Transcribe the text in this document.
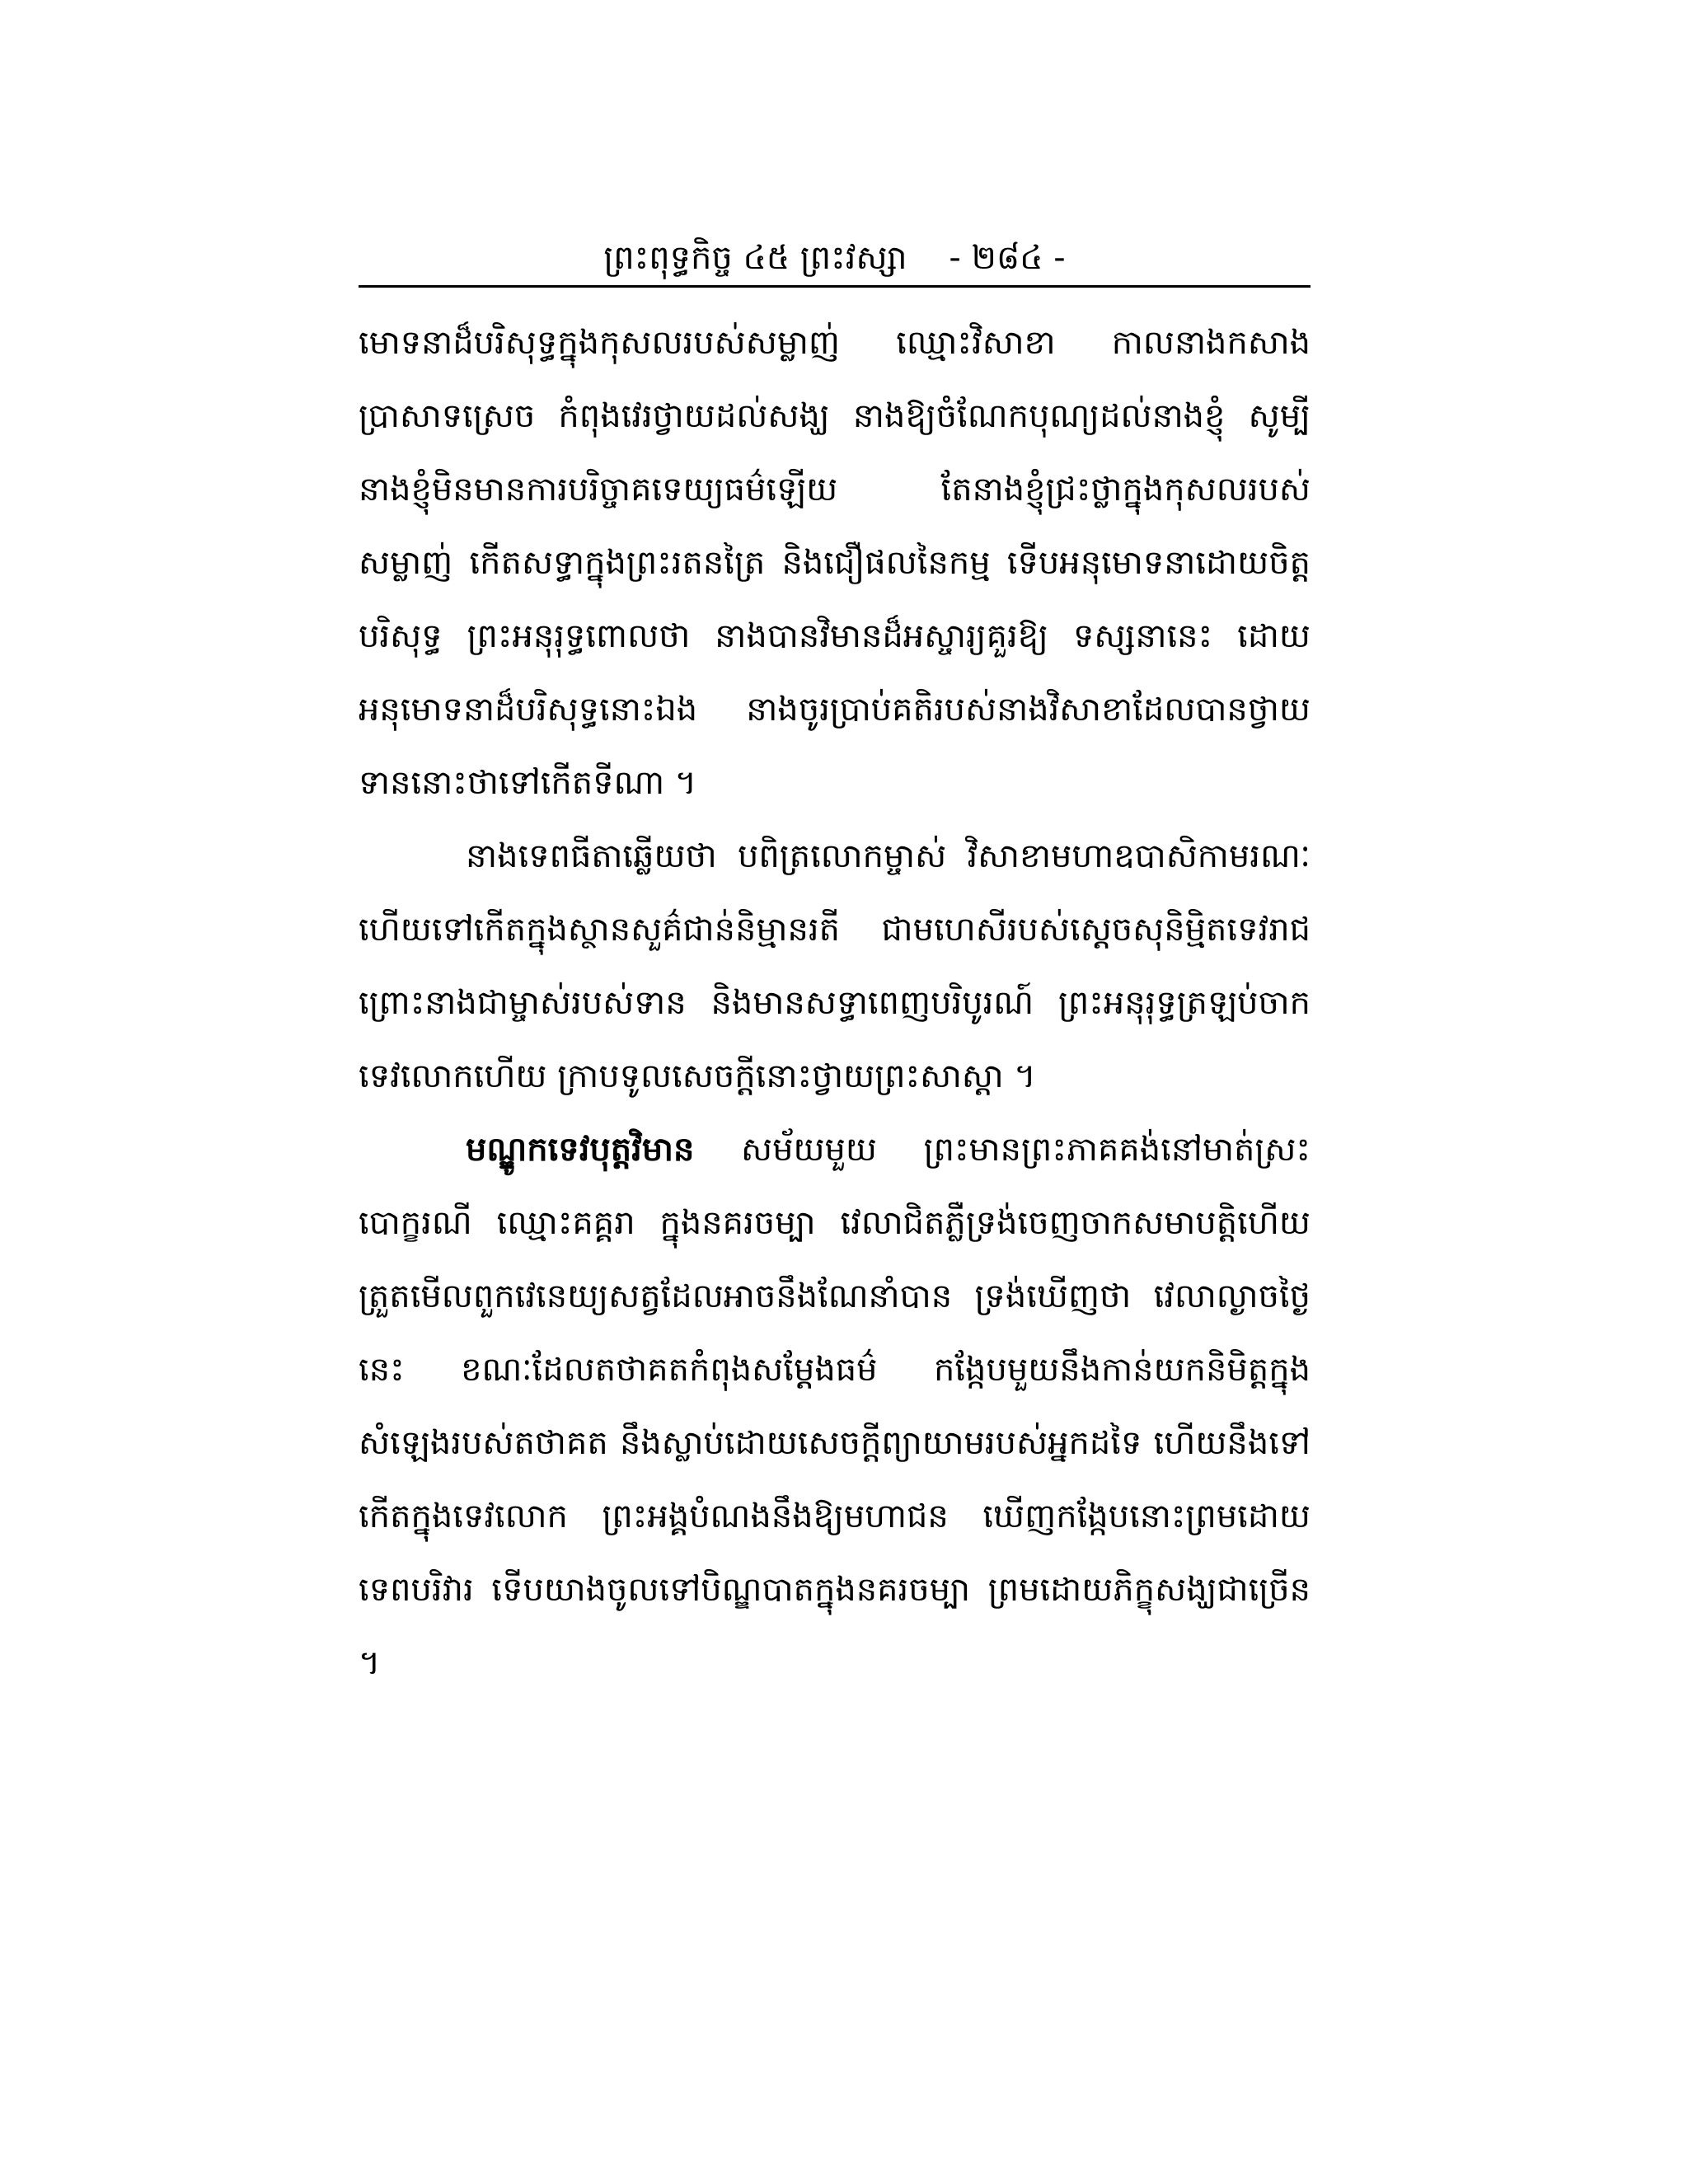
ព្រះពុទ្ធកិច្ច ៤៥ ព្រះវស្សា - ២៨៤ -

មោទនាដ៏បរិសុទ្ធក្នុងកុសលរបស់សម្លាញ់ ឈ្មោះវិសាខា កាលនាងកសាងប្រាសាទស្រេច កំពុងវេរថ្វាយដល់សង្ឃ នាងឱ្យចំណែកបុណ្យដល់នាងខ្ញុំ សូម្បីនាងខ្ញុំមិនមានការបរិច្ចាគទេយ្យធម៌ឡើយ តែនាងខ្ញុំជ្រះថ្លាក្នុងកុសលរបស់សម្លាញ់ កើតសទ្ធាក្នុងព្រះរតនត្រៃ និងជឿផលនៃកម្ម ទើបអនុមោទនាដោយចិត្តបរិសុទ្ធ ព្រះអនុរុទ្ធពោលថា នាងបានវិមានដ៏អស្ចារ្យគួរឱ្យ ទស្សនានេះ ដោយអនុមោទនាដ៏បរិសុទ្ធនោះឯង នាងចូរប្រាប់គតិរបស់នាងវិសាខាដែលបានថ្វាយទាននោះថាទៅកើតទីណា ។

នាងទេពធីតាឆ្លើយថា បពិត្រលោកម្ចាស់ វិសាខាមហាឧបាសិកាមរណៈហើយទៅកើតក្នុងស្ថានសួគ៌ជាន់និម្មានរតី ជាមហេសីរបស់ស្តេចសុនិម្មិតទេវរាជ ព្រោះនាងជាម្ចាស់របស់ទាន និងមានសទ្ធាពេញបរិបូរណ៍ ព្រះអនុរុទ្ធត្រឡប់ចាកទេវលោកហើយ ក្រាបទូលសេចក្តីនោះថ្វាយព្រះសាស្តា ។

មណ្ឌូកទេវបុត្តវិមាន សម័យមួយ ព្រះមានព្រះភាគគង់នៅមាត់ស្រះបោក្ខរណី ឈ្មោះគគ្គរា ក្នុងនគរចម្បា វេលាជិតភ្លឺទ្រង់ចេញចាកសមាបត្តិហើយ ត្រួតមើលពួកវេនេយ្យសត្វដែលអាចនឹងណែនាំបាន ទ្រង់ឃើញថា វេលាល្ងាចថ្ងៃនេះ ខណៈដែលតថាគតកំពុងសម្តែងធម៌ កង្កែបមួយនឹងកាន់យកនិមិត្តក្នុងសំឡេងរបស់តថាគត នឹងស្លាប់ដោយសេចក្តីព្យាយាមរបស់អ្នកដទៃ ហើយនឹងទៅកើតក្នុងទេវលោក ព្រះអង្គបំណងនឹងឱ្យមហាជន ឃើញកង្កែបនោះព្រមដោយទេពបរិវារ ទើបយាងចូលទៅបិណ្ឌបាតក្នុងនគរចម្បា ព្រមដោយភិក្ខុសង្ឃជាច្រើន ។
